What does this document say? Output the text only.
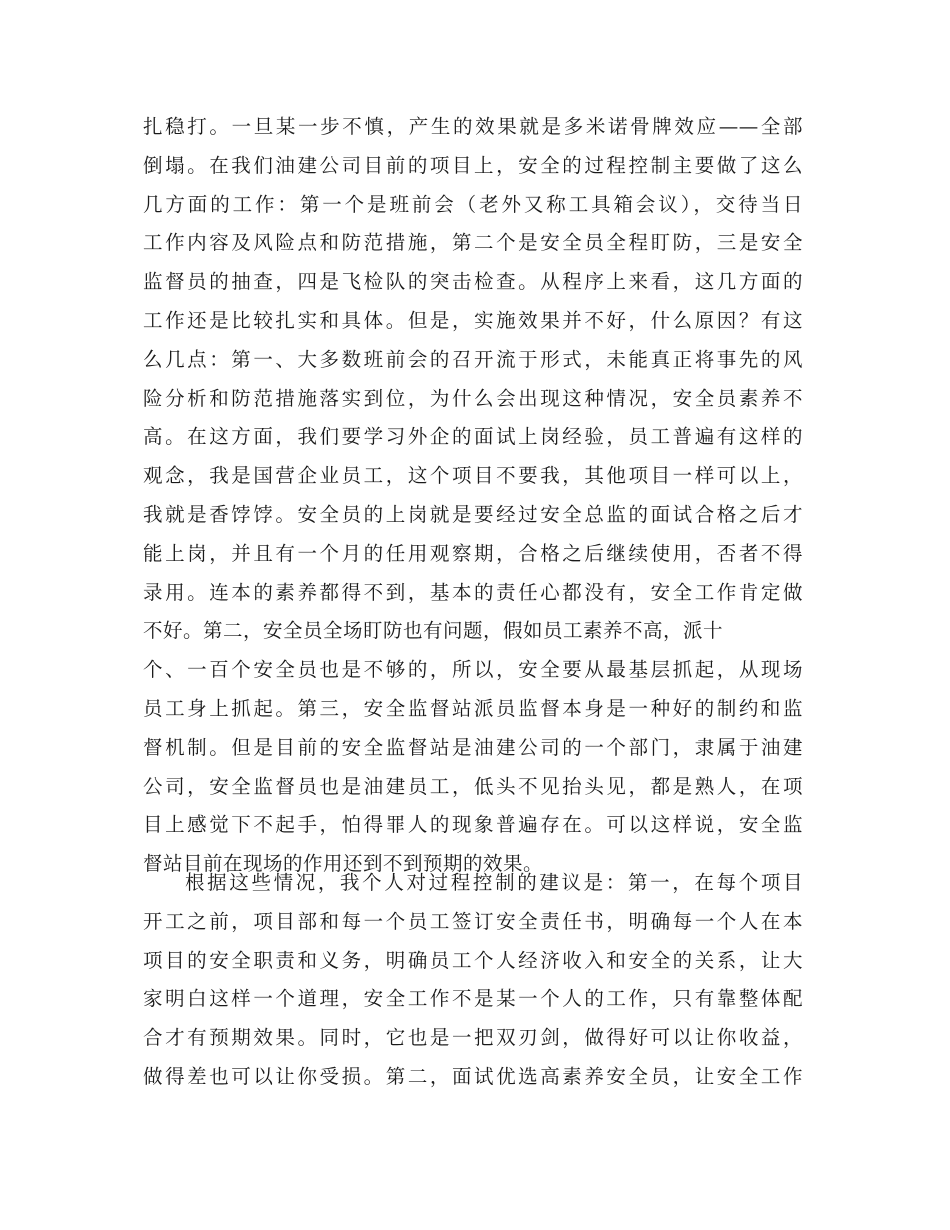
扎稳打。一旦某一步不慎，产生的效果就是多米诺骨牌效应——全部
倒塌。在我们油建公司目前的项目上，安全的过程控制主要做了这么
几方面的工作：第一个是班前会（老外又称工具箱会议），交待当日
工作内容及风险点和防范措施，第二个是安全员全程盯防，三是安全
监督员的抽查，四是飞检队的突击检查。从程序上来看，这几方面的
工作还是比较扎实和具体。但是，实施效果并不好，什么原因？有这
么几点：第一、大多数班前会的召开流于形式，未能真正将事先的风
险分析和防范措施落实到位，为什么会出现这种情况，安全员素养不
高。在这方面，我们要学习外企的面试上岗经验，员工普遍有这样的
观念，我是国营企业员工，这个项目不要我，其他项目一样可以上，
我就是香饽饽。安全员的上岗就是要经过安全总监的面试合格之后才
能上岗，并且有一个月的任用观察期，合格之后继续使用，否者不得
录用。连本的素养都得不到，基本的责任心都没有，安全工作肯定做
不好。第二，安全员全场盯防也有问题，假如员工素养不高，派十
个、一百个安全员也是不够的，所以，安全要从最基层抓起，从现场
员工身上抓起。第三，安全监督站派员监督本身是一种好的制约和监
督机制。但是目前的安全监督站是油建公司的一个部门，隶属于油建
公司，安全监督员也是油建员工，低头不见抬头见，都是熟人，在项
目上感觉下不起手，怕得罪人的现象普遍存在。可以这样说，安全监
督站目前在现场的作用还到不到预期的效果。
根据这些情况，我个人对过程控制的建议是：第一，在每个项目
开工之前，项目部和每一个员工签订安全责任书，明确每一个人在本
项目的安全职责和义务，明确员工个人经济收入和安全的关系，让大
家明白这样一个道理，安全工作不是某一个人的工作，只有靠整体配
合才有预期效果。同时，它也是一把双刃剑，做得好可以让你收益，
做得差也可以让你受损。第二，面试优选高素养安全员，让安全工作
